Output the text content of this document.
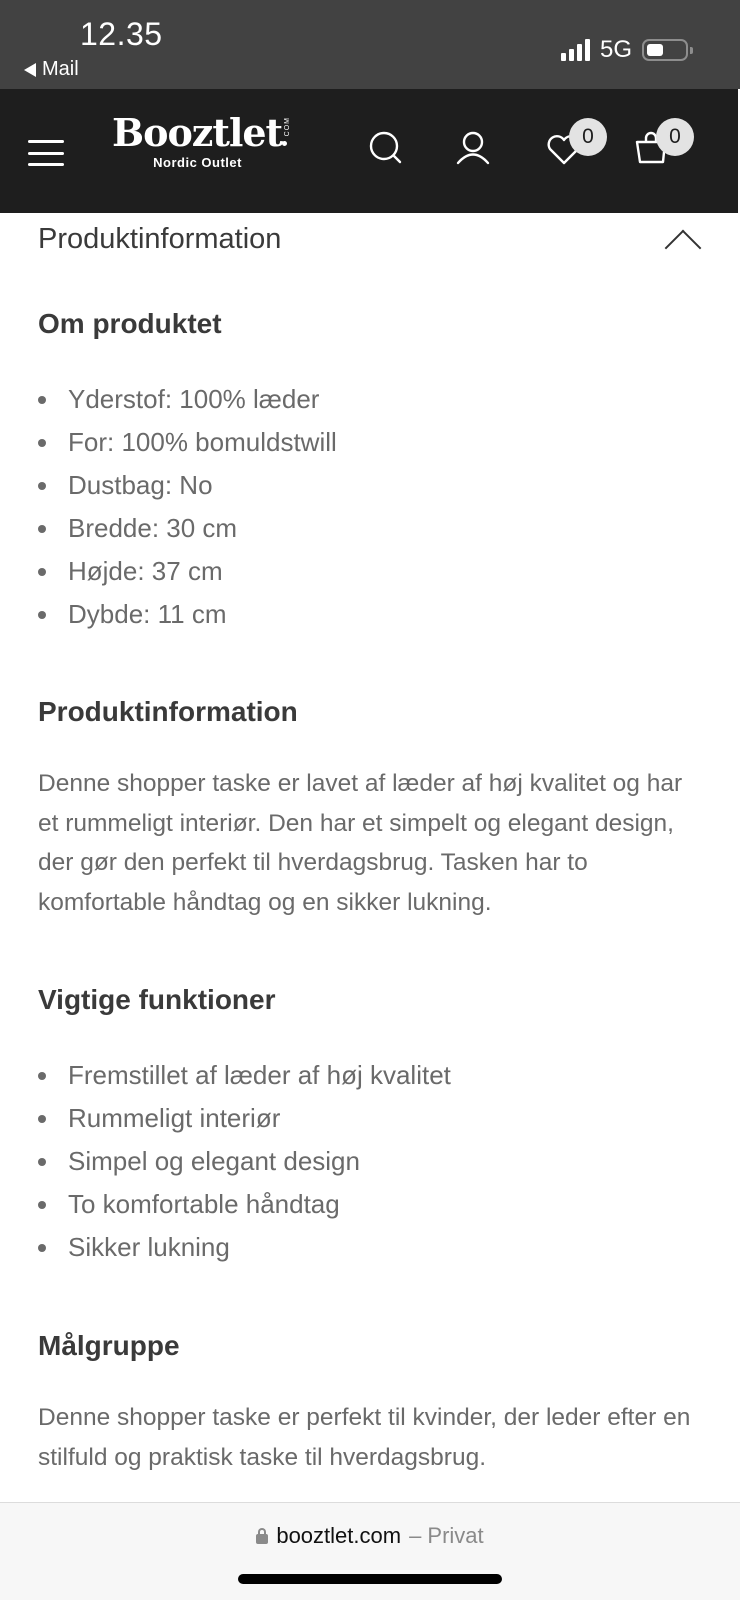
12.35
Mail
5G
Booztlet COM
Nordic Outlet
0	0
Produktinformation
Om produktet
Yderstof: 100% læder
For: 100% bomuldstwill
Dustbag: No
Bredde: 30 cm
Højde: 37 cm
Dybde: 11 cm
Produktinformation

Denne shopper taske er lavet af læder af høj kvalitet og har et rummeligt interiør. Den har et simpelt og elegant design, der gør den perfekt til hverdagsbrug. Tasken har to komfortable håndtag og en sikker lukning.

Vigtige funktioner
Fremstillet af læder af høj kvalitet
Rummeligt interiør
Simpel og elegant design
To komfortable håndtag
Sikker lukning
Målgruppe

Denne shopper taske er perfekt til kvinder, der leder efter en stilfuld og praktisk taske til hverdagsbrug.

booztlet.com – Privat
